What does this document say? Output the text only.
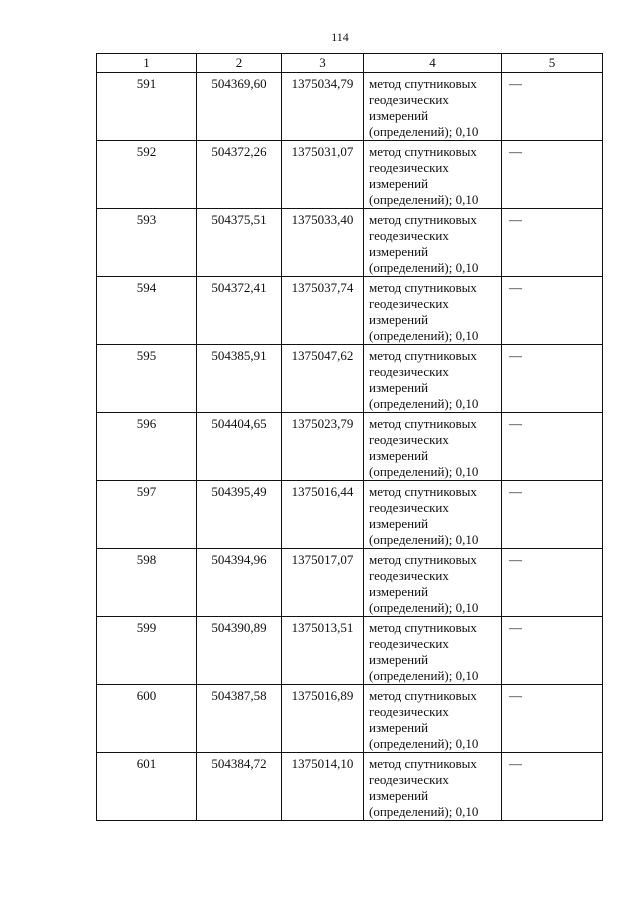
114
1	2	3	4	5
591	504369,60	1375034,79	метод спутниковых геодезических измерений (определений); 0,10	—
592	504372,26	1375031,07	метод спутниковых геодезических измерений (определений); 0,10	—
593	504375,51	1375033,40	метод спутниковых геодезических измерений (определений); 0,10	—
594	504372,41	1375037,74	метод спутниковых геодезических измерений (определений); 0,10	—
595	504385,91	1375047,62	метод спутниковых геодезических измерений (определений); 0,10	—
596	504404,65	1375023,79	метод спутниковых геодезических измерений (определений); 0,10	—
597	504395,49	1375016,44	метод спутниковых геодезических измерений (определений); 0,10	—
598	504394,96	1375017,07	метод спутниковых геодезических измерений (определений); 0,10	—
599	504390,89	1375013,51	метод спутниковых геодезических измерений (определений); 0,10	—
600	504387,58	1375016,89	метод спутниковых геодезических измерений (определений); 0,10	—
601	504384,72	1375014,10	метод спутниковых геодезических измерений (определений); 0,10	—
